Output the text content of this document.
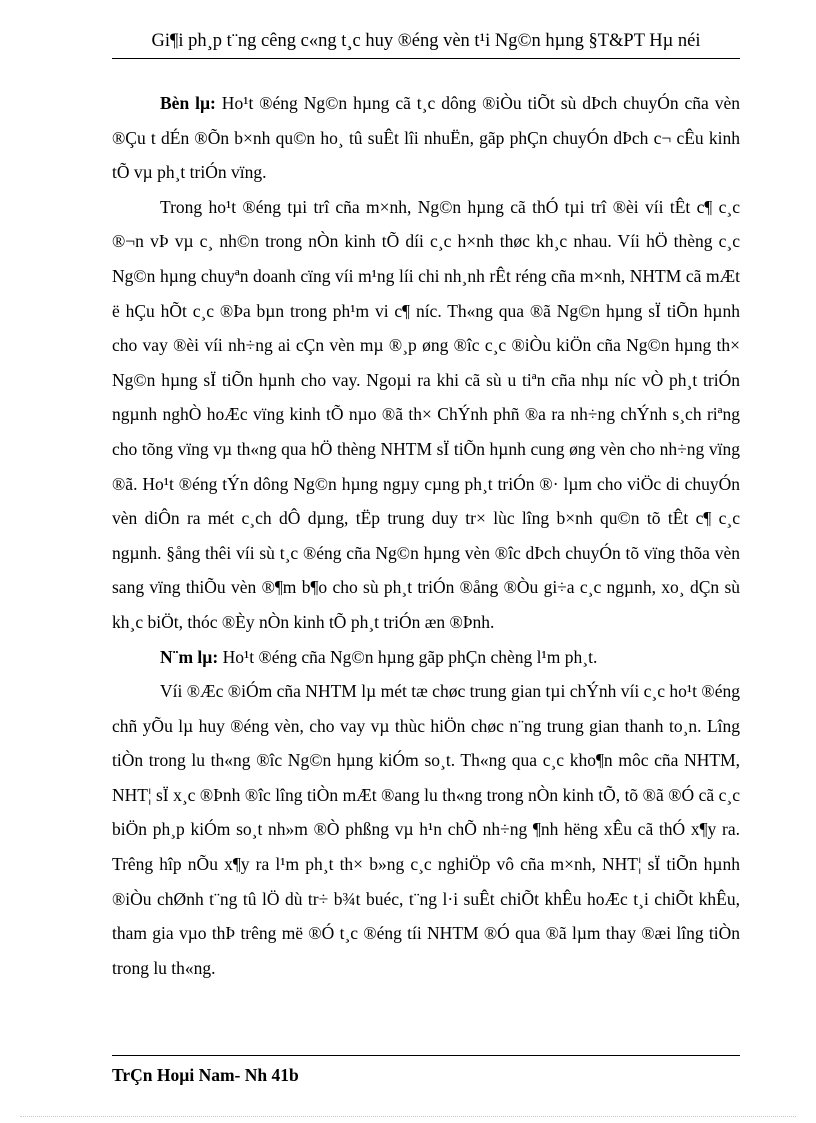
Gi¶i ph¸p t¨ng cêng c«ng t¸c huy ®éng vèn t¹i Ng©n hµng §T&PT Hµ néi

Bèn lµ: Ho¹t ®éng Ng©n hµng cã t¸c dông ®iÒu tiÕt sù dÞch chuyÓn cña vèn ®Çu t dÉn ®Õn b×nh qu©n ho¸ tû suÊt lîi nhuËn, gãp phÇn chuyÓn dÞch c¬ cÊu kinh tÕ vµ ph¸t triÓn vïng.

Trong ho¹t ®éng tµi trî cña m×nh, Ng©n hµng cã thÓ tµi trî ®èi víi tÊt c¶ c¸c ®¬n vÞ vµ c¸ nh©n trong nÒn kinh tÕ díi c¸c h×nh thøc kh¸c nhau. Víi hÖ thèng c¸c Ng©n hµng chuyªn doanh cïng víi m¹ng líi chi nh¸nh rÊt réng cña m×nh, NHTM cã mÆt ë hÇu hÕt c¸c ®Þa bµn trong ph¹m vi c¶ níc. Th«ng qua ®ã Ng©n hµng sÏ tiÕn hµnh cho vay ®èi víi nh÷ng ai cÇn vèn mµ ®¸p øng ®îc c¸c ®iÒu kiÖn cña Ng©n hµng th× Ng©n hµng sÏ tiÕn hµnh cho vay. Ngoµi ra khi cã sù u tiªn cña nhµ níc vÒ ph¸t triÓn ngµnh nghÒ hoÆc vïng kinh tÕ nµo ®ã th× ChÝnh phñ ®a ra nh÷ng chÝnh s¸ch riªng cho tõng vïng vµ th«ng qua hÖ thèng NHTM sÏ tiÕn hµnh cung øng vèn cho nh÷ng vïng ®ã. Ho¹t ®éng tÝn dông Ng©n hµng ngµy cµng ph¸t triÓn ®· lµm cho viÖc di chuyÓn vèn diÔn ra mét c¸ch dÔ dµng, tËp trung duy tr× lùc lîng b×nh qu©n tõ tÊt c¶ c¸c ngµnh. §ång thêi víi sù t¸c ®éng cña Ng©n hµng vèn ®îc dÞch chuyÓn tõ vïng thõa vèn sang vïng thiÕu vèn ®¶m b¶o cho sù ph¸t triÓn ®ång ®Òu gi÷a c¸c ngµnh, xo¸ dÇn sù kh¸c biÖt, thóc ®Èy nÒn kinh tÕ ph¸t triÓn æn ®Þnh.

N¨m lµ: Ho¹t ®éng cña Ng©n hµng gãp phÇn chèng l¹m ph¸t.

Víi ®Æc ®iÓm cña NHTM lµ mét tæ chøc trung gian tµi chÝnh víi c¸c ho¹t ®éng chñ yÕu lµ huy ®éng vèn, cho vay vµ thùc hiÖn chøc n¨ng trung gian thanh to¸n. Lîng tiÒn trong lu th«ng ®îc Ng©n hµng kiÓm so¸t. Th«ng qua c¸c kho¶n môc cña NHTM, NHT¦ sÏ x¸c ®Þnh ®îc lîng tiÒn mÆt ®ang lu th«ng trong nÒn kinh tÕ, tõ ®ã ®Ó cã c¸c biÖn ph¸p kiÓm so¸t nh»m ®Ò phßng vµ h¹n chÕ nh÷ng ¶nh hëng xÊu cã thÓ x¶y ra. Trêng hîp nÕu x¶y ra l¹m ph¸t th× b»ng c¸c nghiÖp vô cña m×nh, NHT¦ sÏ tiÕn hµnh ®iÒu chØnh t¨ng tû lÖ dù tr÷ b¾t buéc, t¨ng l·i suÊt chiÕt khÊu hoÆc t¸i chiÕt khÊu, tham gia vµo thÞ trêng më ®Ó t¸c ®éng tíi NHTM ®Ó qua ®ã lµm thay ®æi lîng tiÒn trong lu th«ng.

TrÇn Hoµi Nam- Nh 41b
